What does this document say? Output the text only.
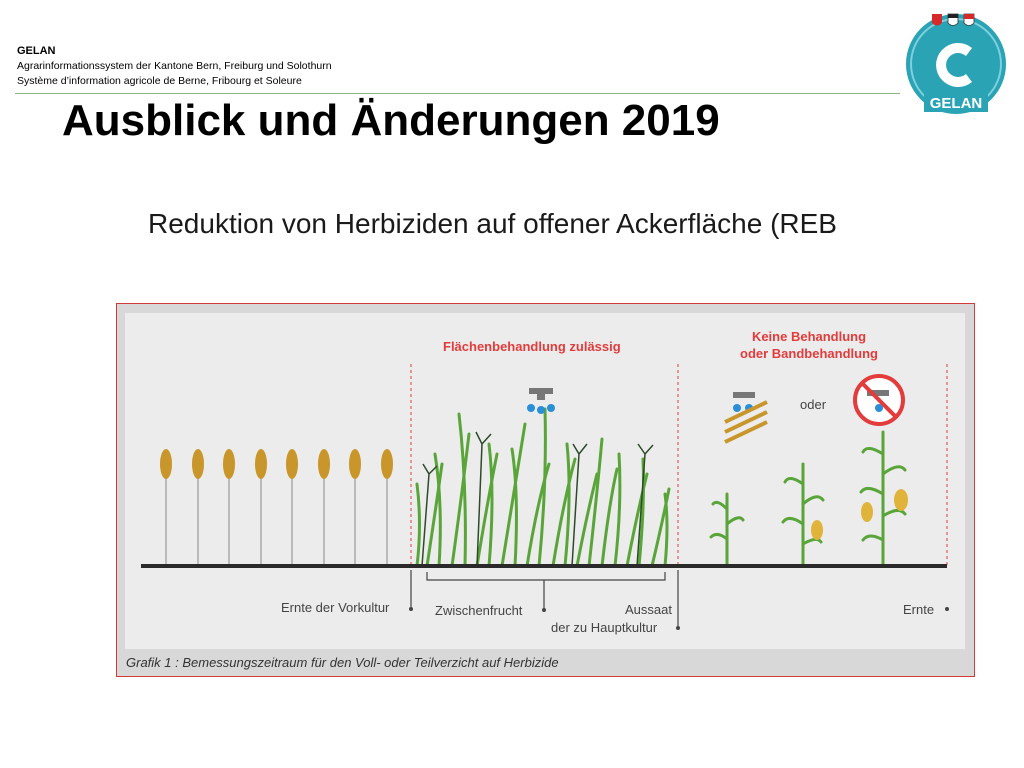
GELAN
Agrarinformationssystem der Kantone Bern, Freiburg und Solothurn
Système d’information agricole de Berne, Fribourg et Soleure
GELAN
Ausblick und Änderungen 2019
Reduktion von Herbiziden auf offener Ackerfläche (REB
Flächenbehandlung zulässig
Keine Behandlung
oder Bandbehandlung
oder
Ernte der Vorkultur	Zwischenfrucht	Aussaat
der zu Hauptkultur
Ernte
Grafik 1 : Bemessungszeitraum für den Voll- oder Teilverzicht auf Herbizide
